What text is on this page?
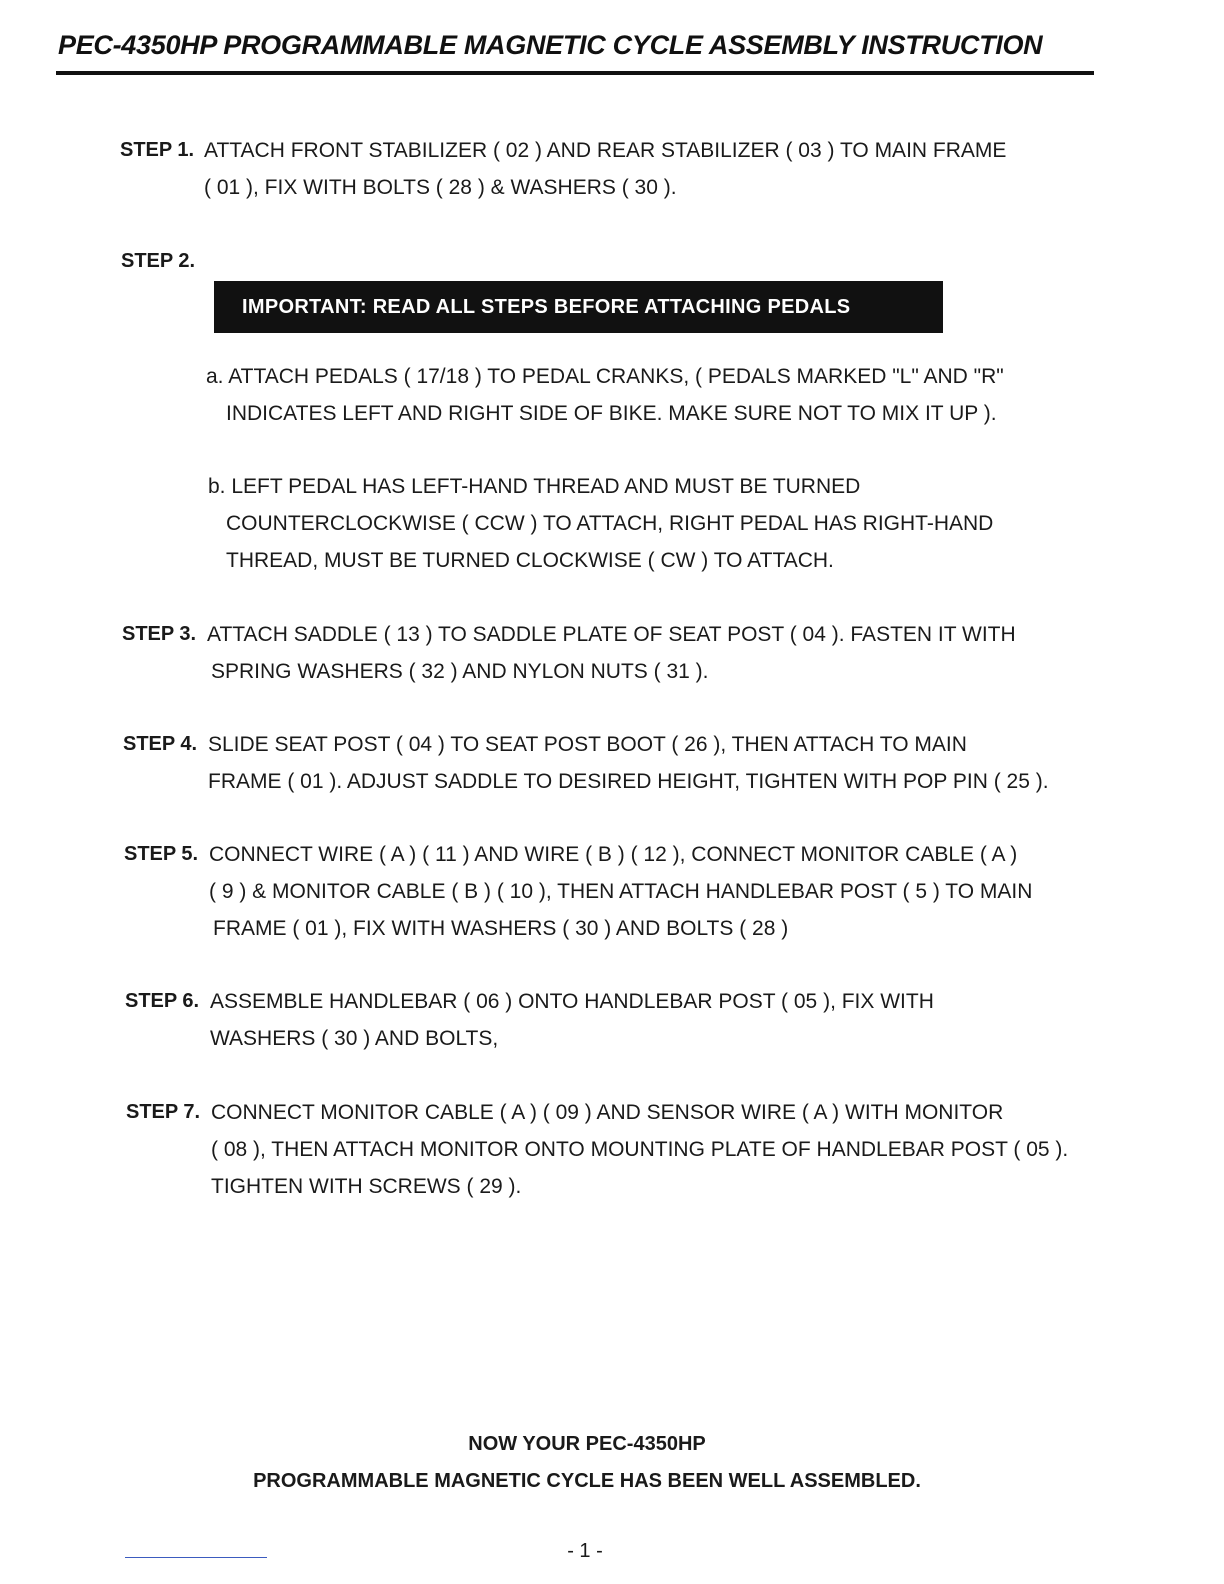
PEC-4350HP PROGRAMMABLE MAGNETIC CYCLE ASSEMBLY INSTRUCTION
STEP 1. ATTACH FRONT STABILIZER ( 02 ) AND REAR STABILIZER ( 03 ) TO MAIN FRAME
( 01 ), FIX WITH BOLTS ( 28 ) & WASHERS ( 30 ).
STEP 2.
IMPORTANT: READ ALL STEPS BEFORE ATTACHING PEDALS
a. ATTACH PEDALS ( 17/18 ) TO PEDAL CRANKS, ( PEDALS MARKED "L" AND "R"
INDICATES LEFT AND RIGHT SIDE OF BIKE. MAKE SURE NOT TO MIX IT UP ).
b. LEFT PEDAL HAS LEFT-HAND THREAD AND MUST BE TURNED
COUNTERCLOCKWISE ( CCW ) TO ATTACH, RIGHT PEDAL HAS RIGHT-HAND
THREAD, MUST BE TURNED CLOCKWISE ( CW ) TO ATTACH.
STEP 3. ATTACH SADDLE ( 13 ) TO SADDLE PLATE OF SEAT POST ( 04 ). FASTEN IT WITH
SPRING WASHERS ( 32 ) AND NYLON NUTS ( 31 ).
STEP 4. SLIDE SEAT POST ( 04 ) TO SEAT POST BOOT ( 26 ), THEN ATTACH TO MAIN
FRAME ( 01 ). ADJUST SADDLE TO DESIRED HEIGHT, TIGHTEN WITH POP PIN ( 25 ).
STEP 5. CONNECT WIRE ( A ) ( 11 ) AND WIRE ( B ) ( 12 ), CONNECT MONITOR CABLE ( A )
( 9 ) & MONITOR CABLE ( B ) ( 10 ), THEN ATTACH HANDLEBAR POST ( 5 ) TO MAIN
FRAME ( 01 ), FIX WITH WASHERS ( 30 ) AND BOLTS ( 28 )
STEP 6. ASSEMBLE HANDLEBAR ( 06 ) ONTO HANDLEBAR POST ( 05 ), FIX WITH
WASHERS ( 30 ) AND BOLTS,
STEP 7. CONNECT MONITOR CABLE ( A ) ( 09 ) AND SENSOR WIRE ( A ) WITH MONITOR
( 08 ), THEN ATTACH MONITOR ONTO MOUNTING PLATE OF HANDLEBAR POST ( 05 ).
TIGHTEN WITH SCREWS ( 29 ).
NOW YOUR PEC-4350HP
PROGRAMMABLE MAGNETIC CYCLE HAS BEEN WELL ASSEMBLED.
- 1 -
